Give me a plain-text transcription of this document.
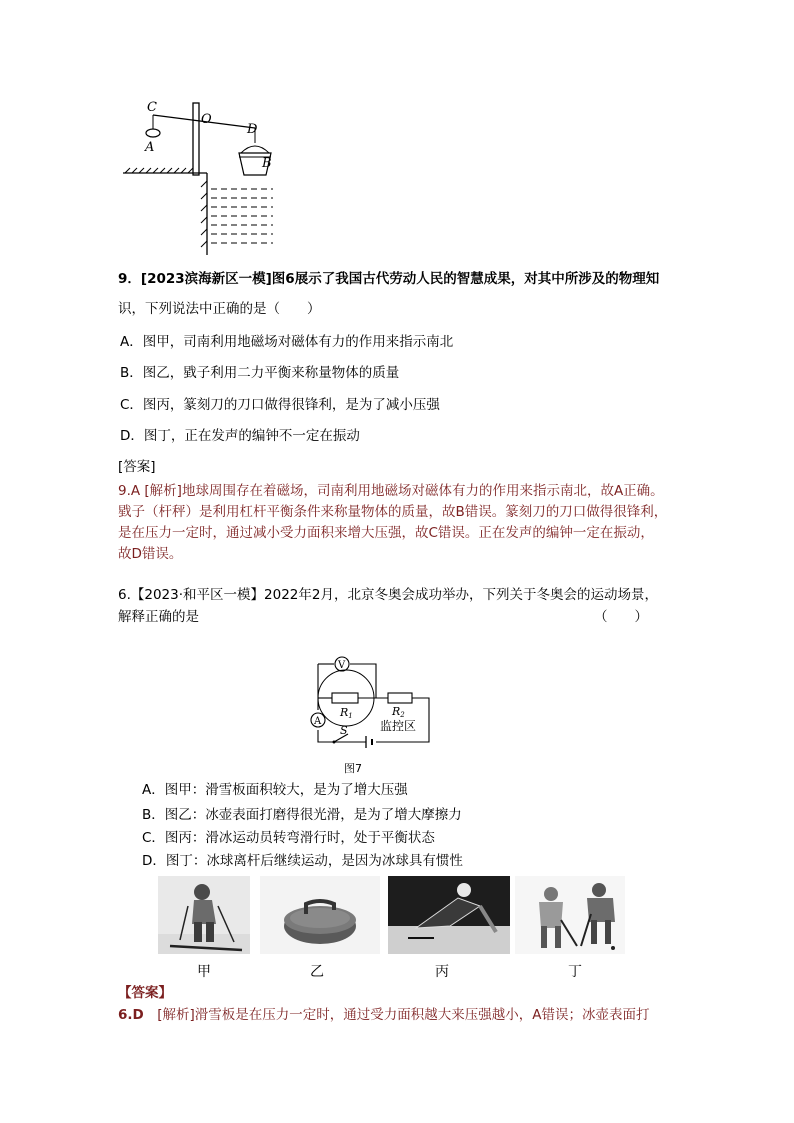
C
O
D
A
B
9．[2023滨海新区一模]图6展示了我国古代劳动人民的智慧成果，对其中所涉及的物理知
识，下列说法中正确的是（　　）
A．图甲，司南利用地磁场对磁体有力的作用来指示南北
B．图乙，戥子利用二力平衡来称量物体的质量
C．图丙，篆刻刀的刀口做得很锋利，是为了减小压强
D．图丁，正在发声的编钟不一定在振动
[答案]
9.A [解析]地球周围存在着磁场，司南利用地磁场对磁体有力的作用来指示南北，故A正确。
戥子（杆秤）是利用杠杆平衡条件来称量物体的质量，故B错误。篆刻刀的刀口做得很锋利，
是在压力一定时，通过减小受力面积来增大压强，故C错误。正在发声的编钟一定在振动，
故D错误。
6.【2023·和平区一模】2022年2月，北京冬奥会成功举办，下列关于冬奥会的运动场景，
解释正确的是	（　　）
V
R1	R2
监控区
A
S
图7
A．图甲：滑雪板面积较大，是为了增大压强
B．图乙：冰壶表面打磨得很光滑，是为了增大摩擦力
C．图丙：滑冰运动员转弯滑行时，处于平衡状态
D．图丁：冰球离杆后继续运动，是因为冰球具有惯性
甲	乙	丙	丁
【答案】
6.D　[解析]滑雪板是在压力一定时，通过受力面积越大来压强越小，A错误；冰壶表面打
